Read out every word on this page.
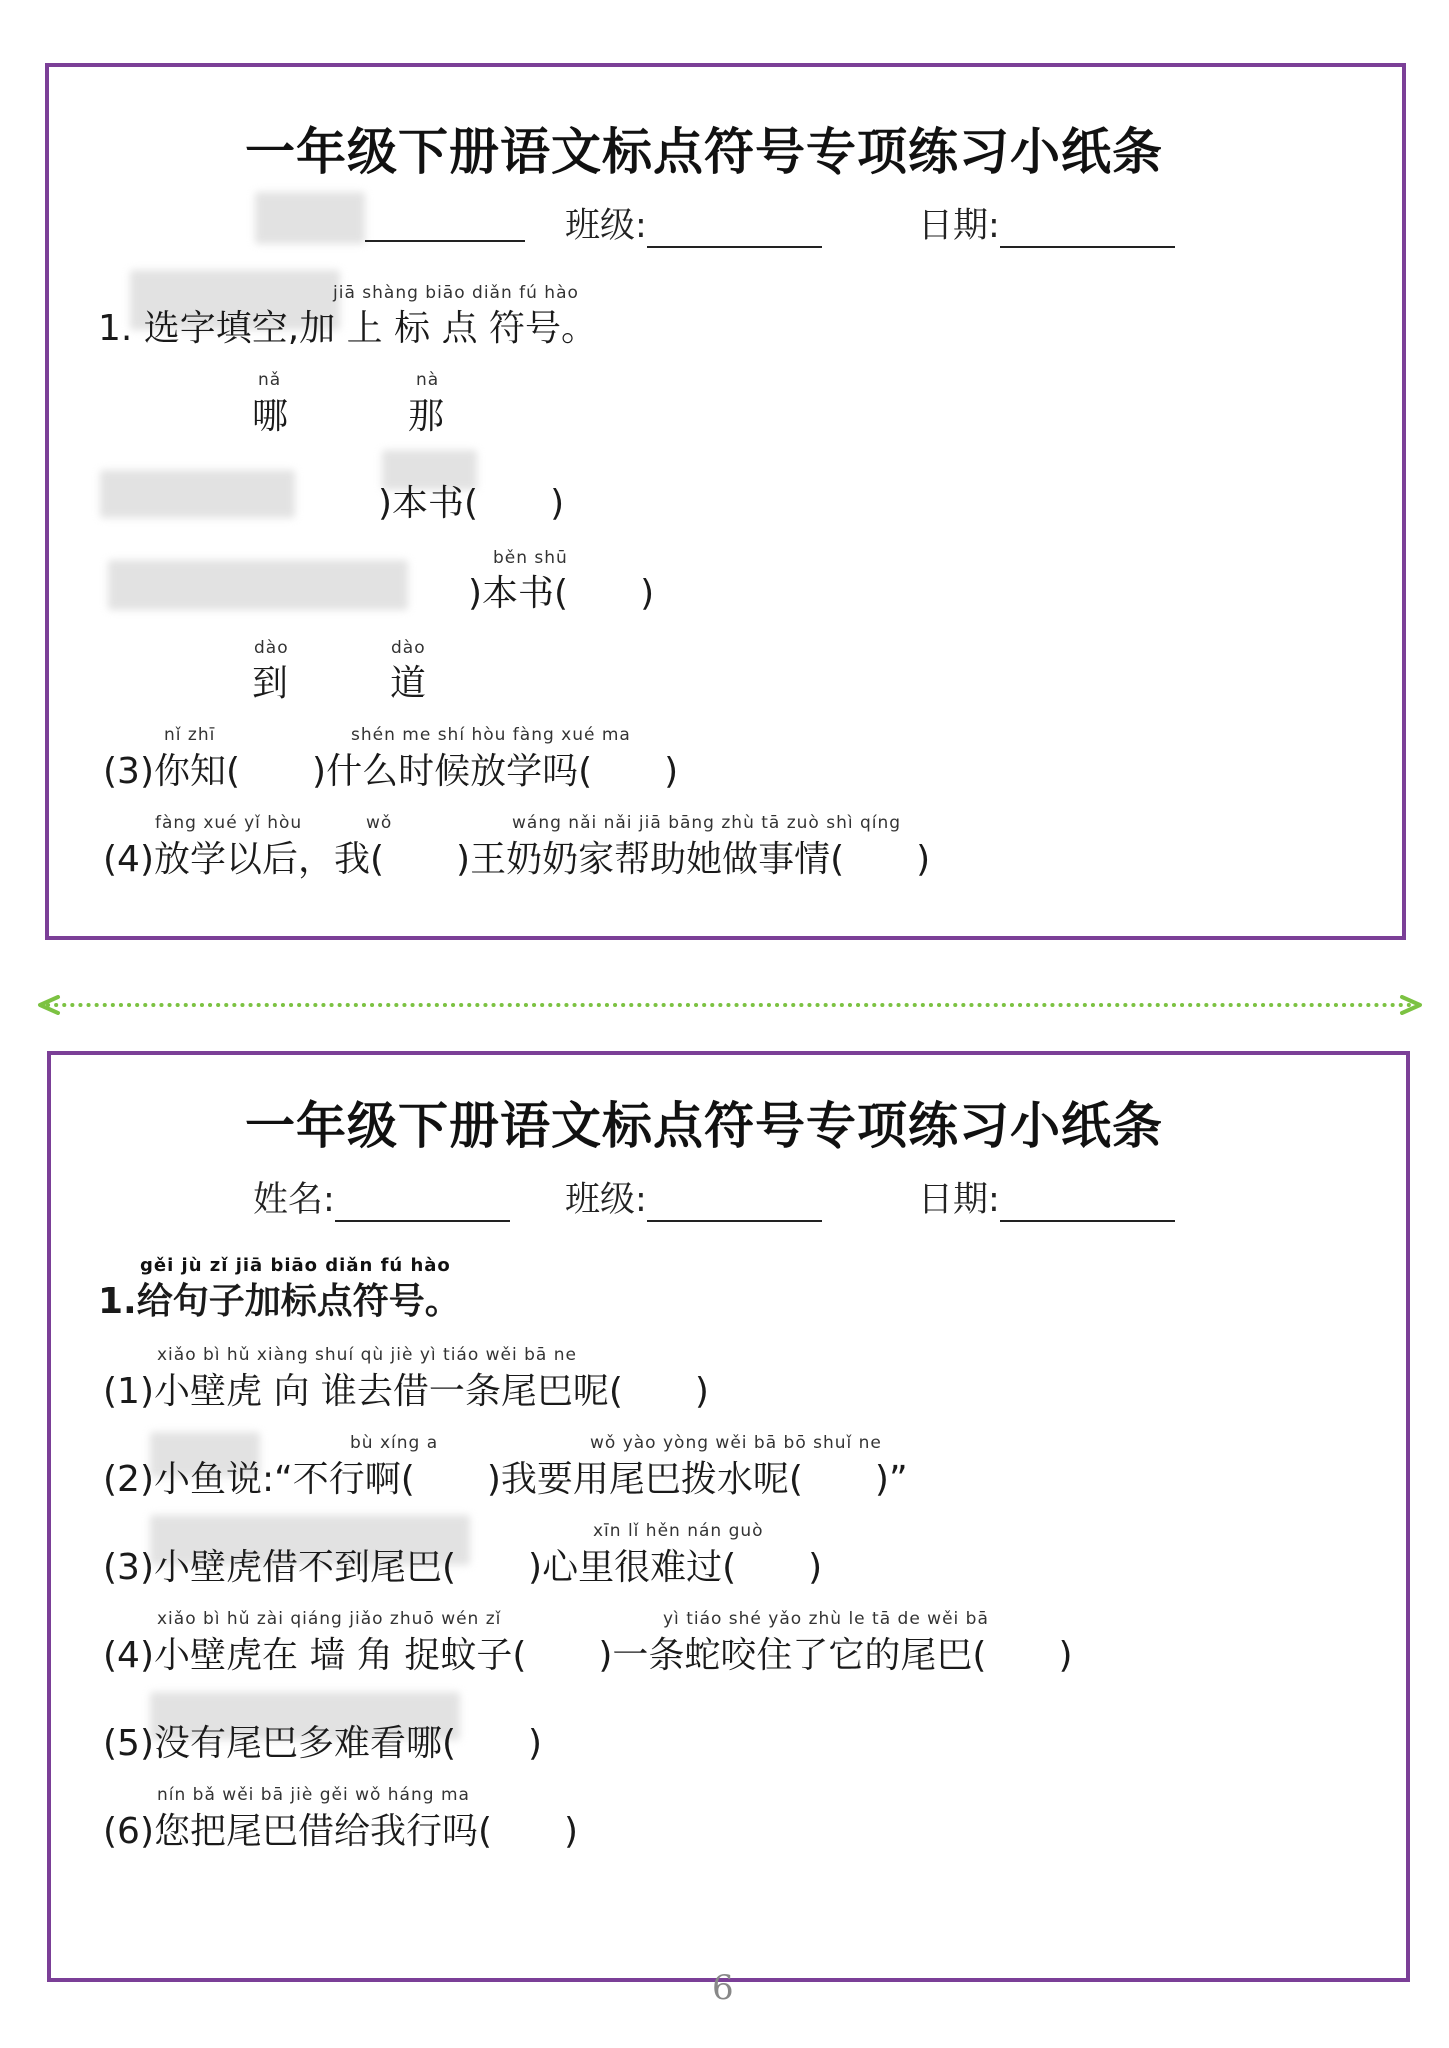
一年级下册语文标点符号专项练习小纸条
班级:	日期:
jiā shàng biāo diǎn fú hào
1. 选字填空,加 上 标 点 符号。
nǎ
哪
nà
那
)本书(　　)
běn shū
)本书(　　)
dào
到
dào
道
nǐ zhī	shén me shí hòu fàng xué ma
(3)你知(　　)什么时候放学吗(　　)
fàng xué yǐ hòu	wǒ	wáng nǎi nǎi jiā bāng zhù tā zuò shì qíng
(4)放学以后，我(　　)王奶奶家帮助她做事情(　　)
一年级下册语文标点符号专项练习小纸条
姓名:	班级:	日期:
gěi jù zǐ jiā biāo diǎn fú hào
1.给句子加标点符号。
xiǎo bì hǔ xiàng shuí qù jiè yì tiáo wěi bā ne
(1)小壁虎 向 谁去借一条尾巴呢(　　)
bù xíng a	wǒ yào yòng wěi bā bō shuǐ ne
(2)小鱼说:“不行啊(　　)我要用尾巴拨水呢(　　)”
xīn lǐ hěn nán guò
(3)小壁虎借不到尾巴(　　)心里很难过(　　)
xiǎo bì hǔ zài qiáng jiǎo zhuō wén zǐ	yì tiáo shé yǎo zhù le tā de wěi bā
(4)小壁虎在 墙 角 捉蚊子(　　)一条蛇咬住了它的尾巴(　　)
(5)没有尾巴多难看哪(　　)
nín bǎ wěi bā jiè gěi wǒ háng ma
(6)您把尾巴借给我行吗(　　)
6
